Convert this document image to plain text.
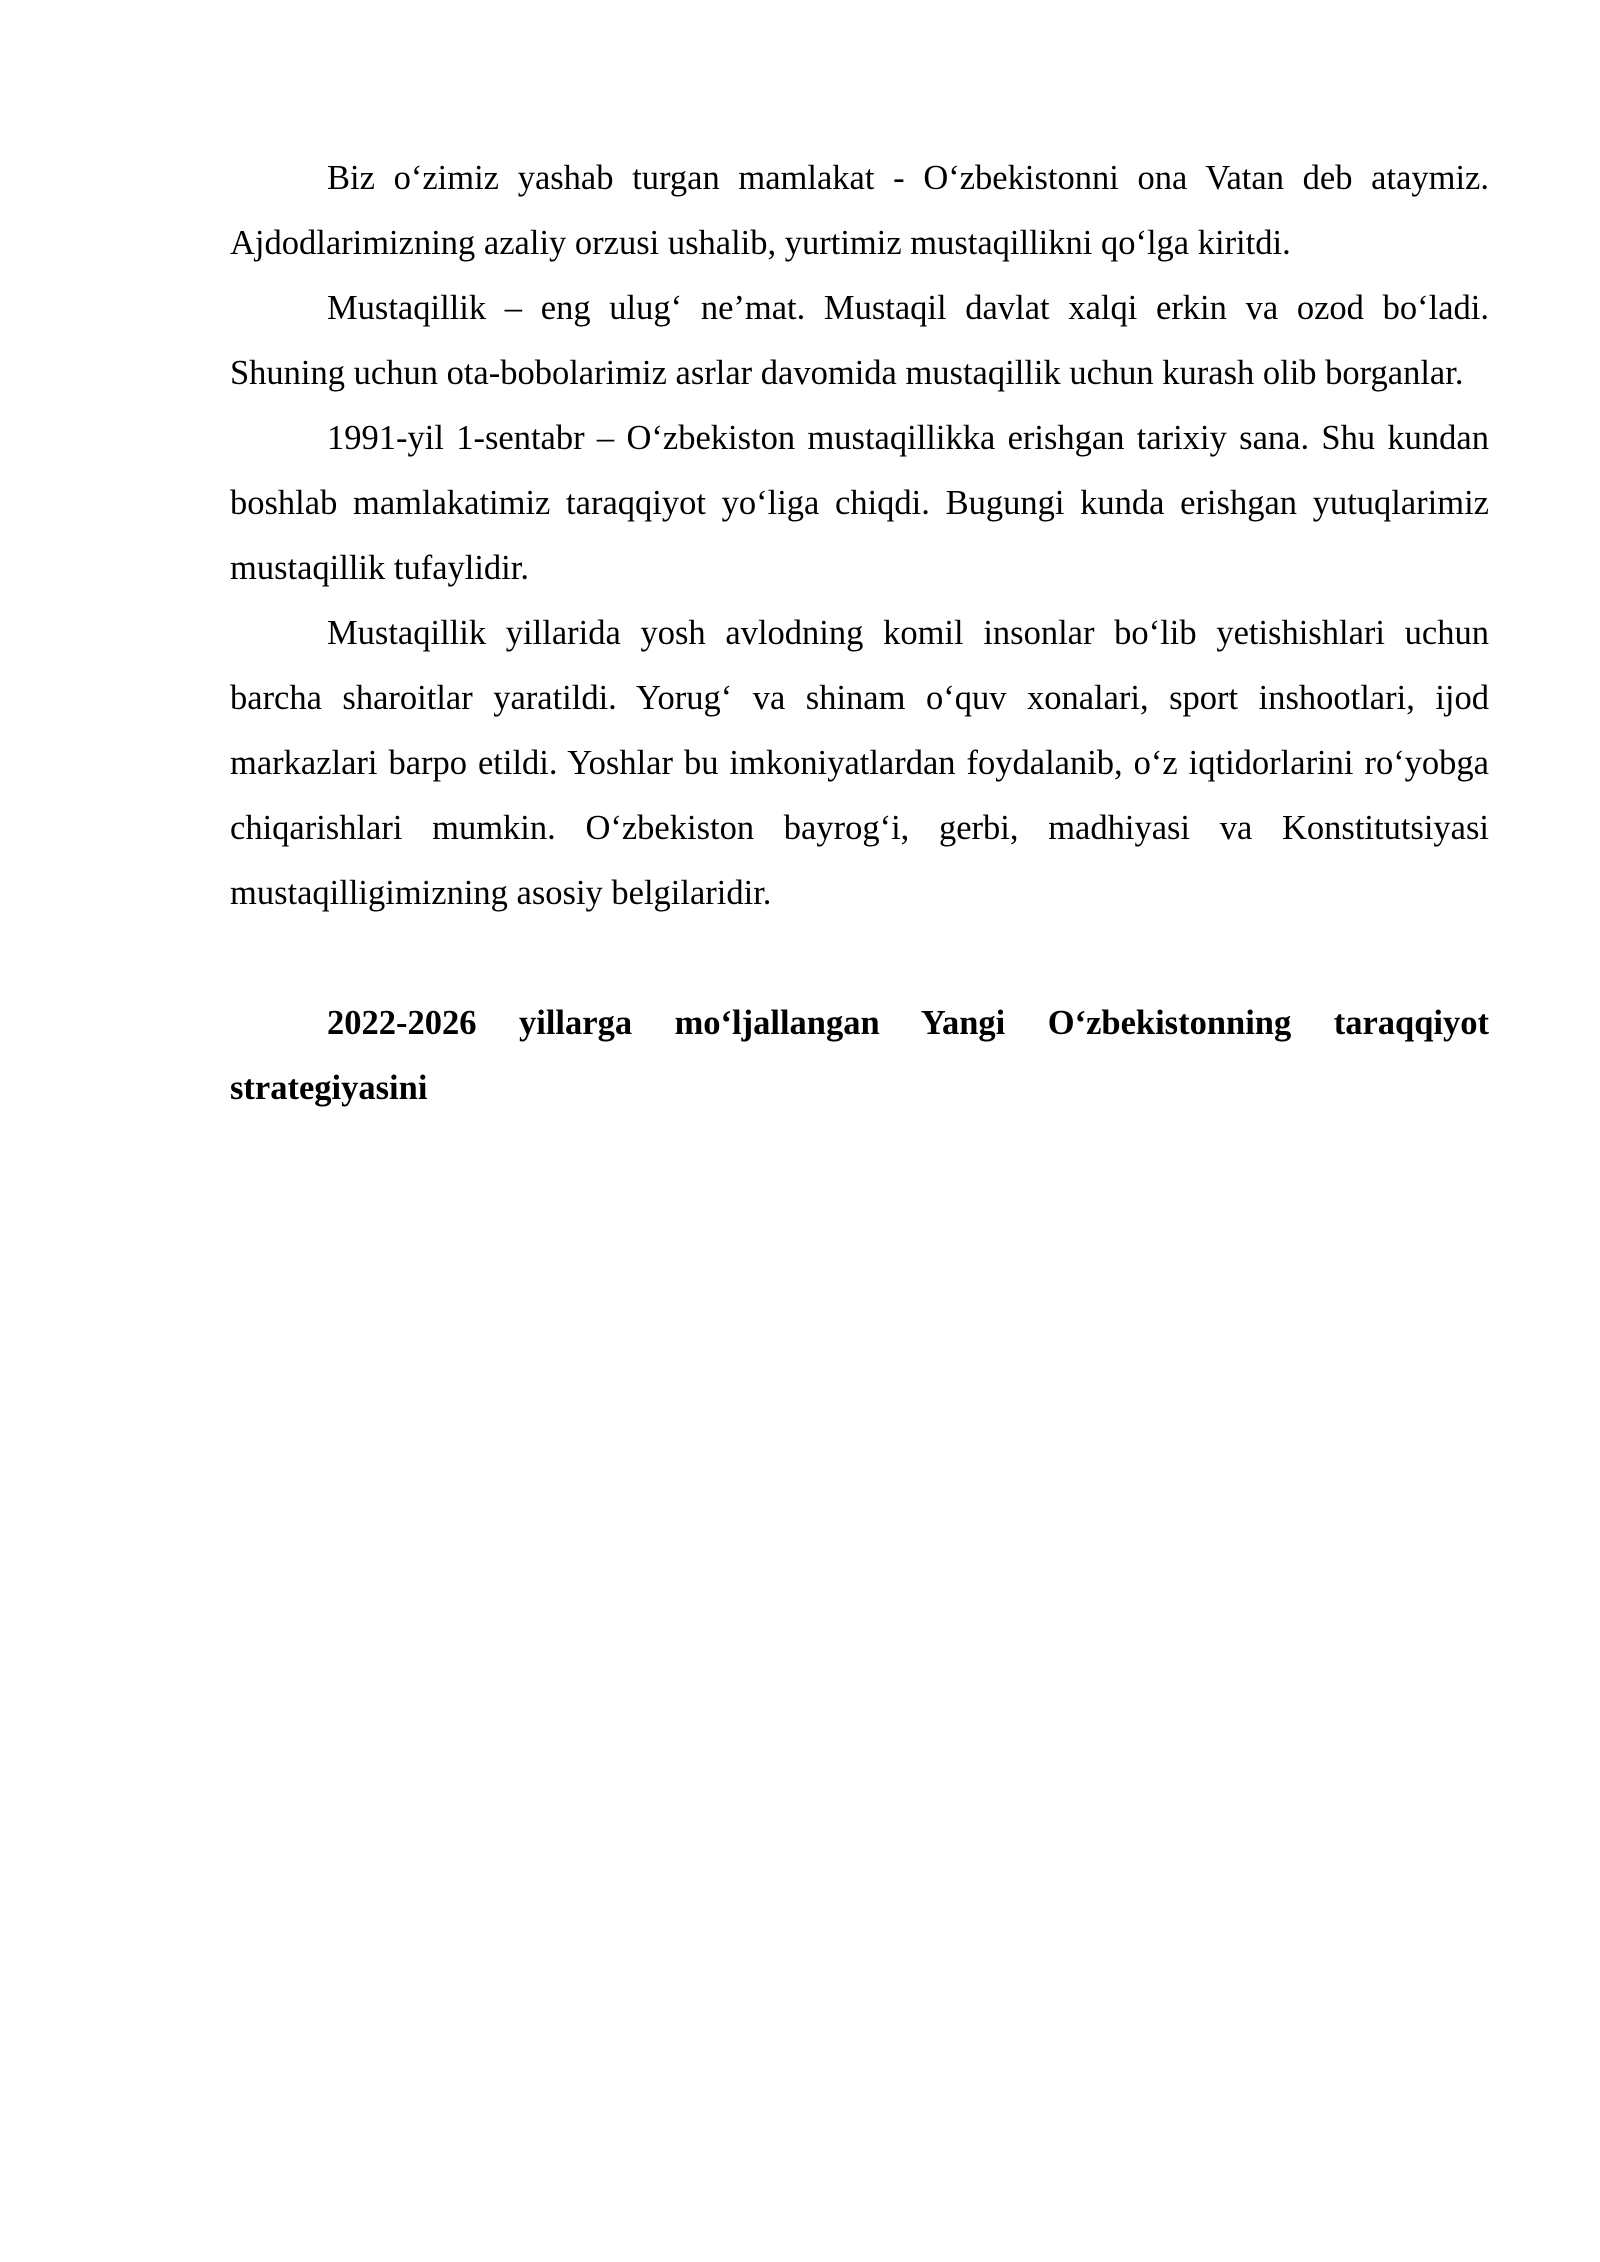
Biz o‘zimiz yashab turgan mamlakat - O‘zbekistonni ona Vatan deb ataymiz. Ajdodlarimizning azaliy orzusi ushalib, yurtimiz mustaqillikni qo‘lga kiritdi.

Mustaqillik – eng ulug‘ ne’mat. Mustaqil davlat xalqi erkin va ozod bo‘ladi. Shuning uchun ota-bobolarimiz asrlar davomida mustaqillik uchun kurash olib borganlar.

1991-yil 1-sentabr – O‘zbekiston mustaqillikka erishgan tarixiy sana. Shu kundan boshlab mamlakatimiz taraqqiyot yo‘liga chiqdi. Bugungi kunda erishgan yutuqlarimiz mustaqillik tufaylidir.

Mustaqillik yillarida yosh avlodning komil insonlar bo‘lib yetishishlari uchun barcha sharoitlar yaratildi. Yorug‘ va shinam o‘quv xonalari, sport inshootlari, ijod markazlari barpo etildi. Yoshlar bu imkoniyatlardan foydalanib, o‘z iqtidorlarini ro‘yobga chiqarishlari mumkin. O‘zbekiston bayrog‘i, gerbi, madhiyasi va Konstitutsiyasi mustaqilligimizning asosiy belgilaridir.

2022-2026 yillarga mo‘ljallangan Yangi O‘zbekistonning taraqqiyot strategiyasini
